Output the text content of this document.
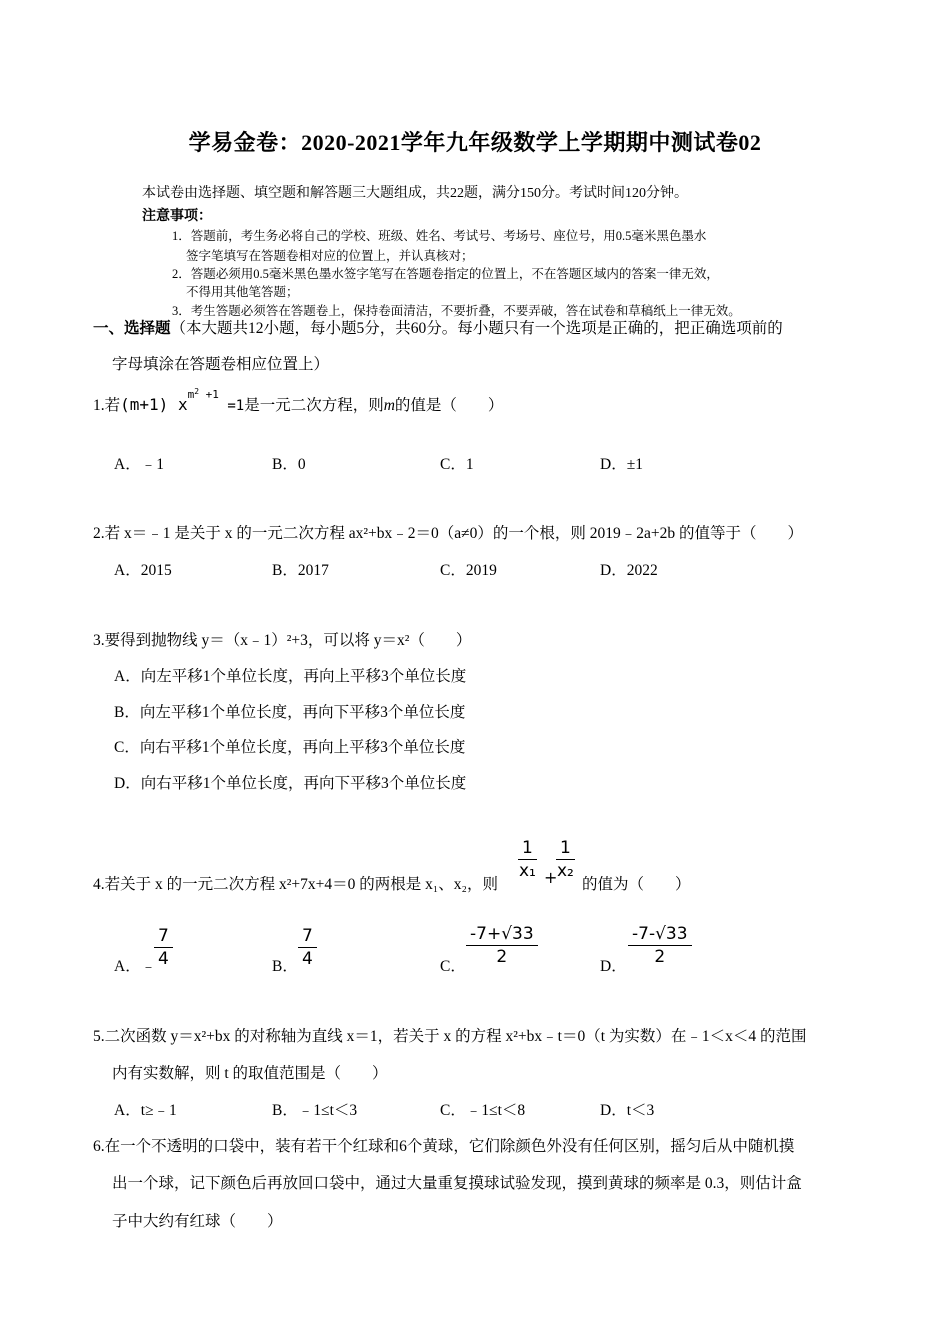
学易金卷：2020-2021学年九年级数学上学期期中测试卷02
本试卷由选择题、填空题和解答题三大题组成，共22题，满分150分。考试时间120分钟。
注意事项：
1．答题前，考生务必将自己的学校、班级、姓名、考试号、考场号、座位号，用0.5毫米黑色墨水
签字笔填写在答题卷相对应的位置上，并认真核对；
2．答题必须用0.5毫米黑色墨水签字笔写在答题卷指定的位置上，不在答题区域内的答案一律无效，
不得用其他笔答题；
3．考生答题必须答在答题卷上，保持卷面清洁，不要折叠，不要弄破，答在试卷和草稿纸上一律无效。
一、选择题（本大题共12小题，每小题5分，共60分。每小题只有一个选项是正确的，把正确选项前的
字母填涂在答题卷相应位置上）
1.若(m+1) $x^{m^2 +1} =1$是一元二次方程，则m的值是（　　）
A．﹣1	B．0	C．1	D．±1
2.若 x＝﹣1 是关于 x 的一元二次方程 ax²+bx﹣2＝0（a≠0）的一个根，则 2019﹣2a+2b 的值等于（　　）
A．2015	B．2017	C．2019	D．2022
3.要得到抛物线 y＝（x﹣1）²+3，可以将 y＝x²（　　）
A．向左平移1个单位长度，再向上平移3个单位长度
B．向左平移1个单位长度，再向下平移3个单位长度
C．向右平移1个单位长度，再向上平移3个单位长度
D．向右平移1个单位长度，再向下平移3个单位长度
4.若关于 x 的一元二次方程 x²+7x+4＝0 的两根是 x₁、x₂，则
1
x₁ +
1
x₂
的值为（　　）
A．﹣
7
4	B．
7
4	C．
-7+√33
2	D．
-7-√33
2
5.二次函数 y＝x²+bx 的对称轴为直线 x＝1，若关于 x 的方程 x²+bx﹣t＝0（t 为实数）在﹣1＜x＜4 的范围
内有实数解，则 t 的取值范围是（　　）
A．t≥﹣1	B．﹣1≤t＜3	C．﹣1≤t＜8	D．t＜3
6.在一个不透明的口袋中，装有若干个红球和6个黄球，它们除颜色外没有任何区别，摇匀后从中随机摸
出一个球，记下颜色后再放回口袋中，通过大量重复摸球试验发现，摸到黄球的频率是 0.3，则估计盒
子中大约有红球（　　）
